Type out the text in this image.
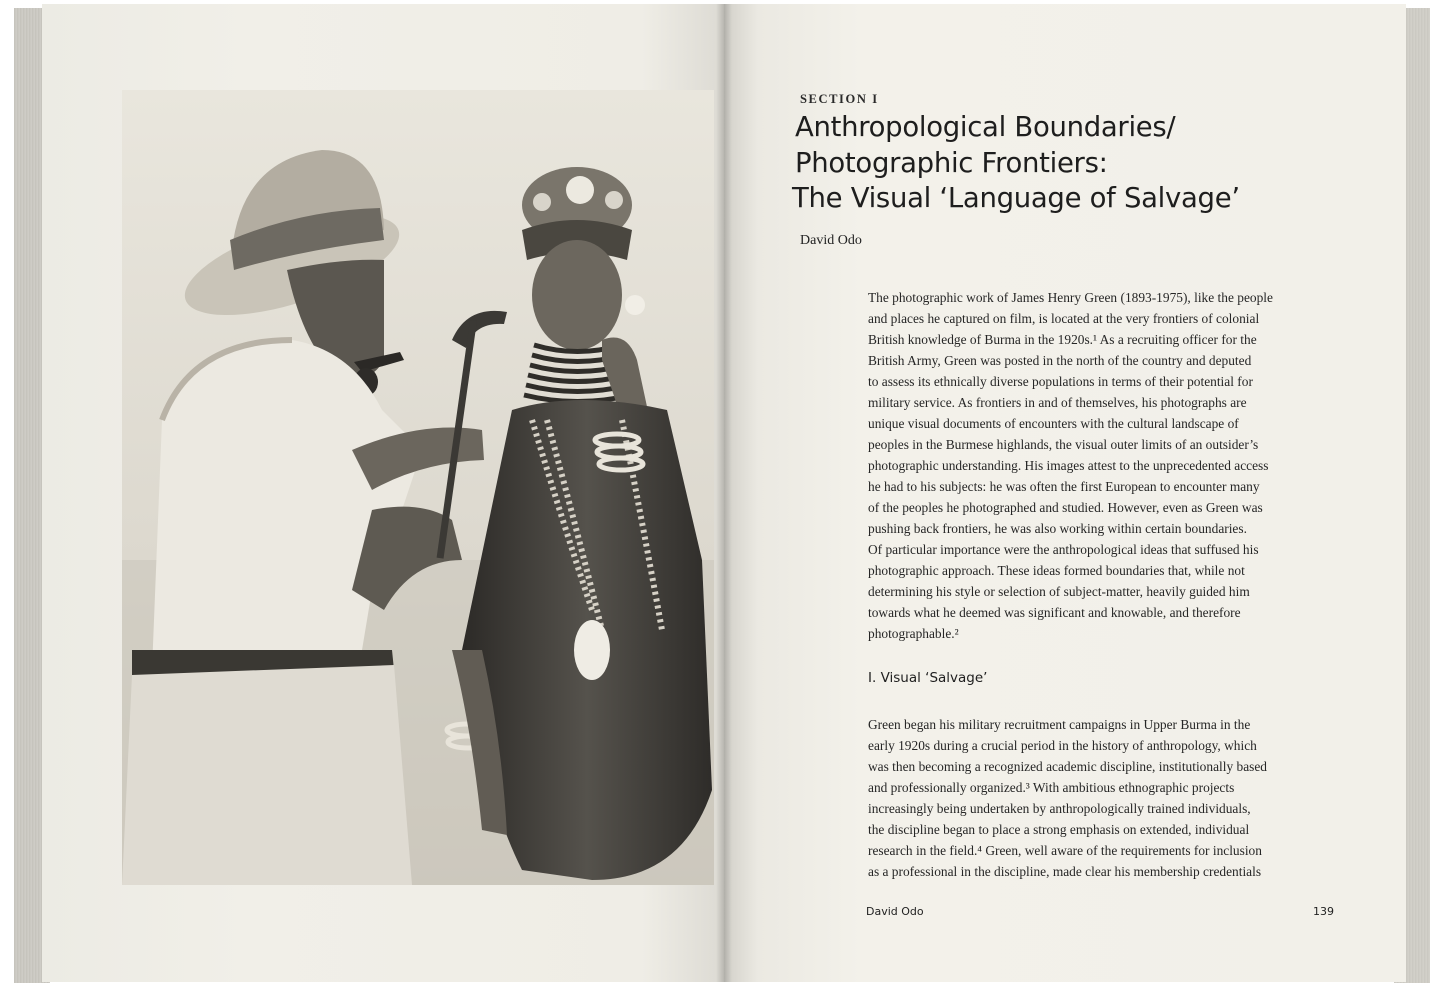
SECTION I
Anthropological Boundaries/
Photographic Frontiers:
The Visual ‘Language of Salvage’
David Odo
The photographic work of James Henry Green (1893-1975), like the people
and places he captured on film, is located at the very frontiers of colonial
British knowledge of Burma in the 1920s.¹ As a recruiting officer for the
British Army, Green was posted in the north of the country and deputed
to assess its ethnically diverse populations in terms of their potential for
military service. As frontiers in and of themselves, his photographs are
unique visual documents of encounters with the cultural landscape of
peoples in the Burmese highlands, the visual outer limits of an outsider’s
photographic understanding. His images attest to the unprecedented access
he had to his subjects: he was often the first European to encounter many
of the peoples he photographed and studied. However, even as Green was
pushing back frontiers, he was also working within certain boundaries.
Of particular importance were the anthropological ideas that suffused his
photographic approach. These ideas formed boundaries that, while not
determining his style or selection of subject-matter, heavily guided him
towards what he deemed was significant and knowable, and therefore
photographable.²
I. Visual ‘Salvage’
Green began his military recruitment campaigns in Upper Burma in the
early 1920s during a crucial period in the history of anthropology, which
was then becoming a recognized academic discipline, institutionally based
and professionally organized.³ With ambitious ethnographic projects
increasingly being undertaken by anthropologically trained individuals,
the discipline began to place a strong emphasis on extended, individual
research in the field.⁴ Green, well aware of the requirements for inclusion
as a professional in the discipline, made clear his membership credentials
David Odo	139
